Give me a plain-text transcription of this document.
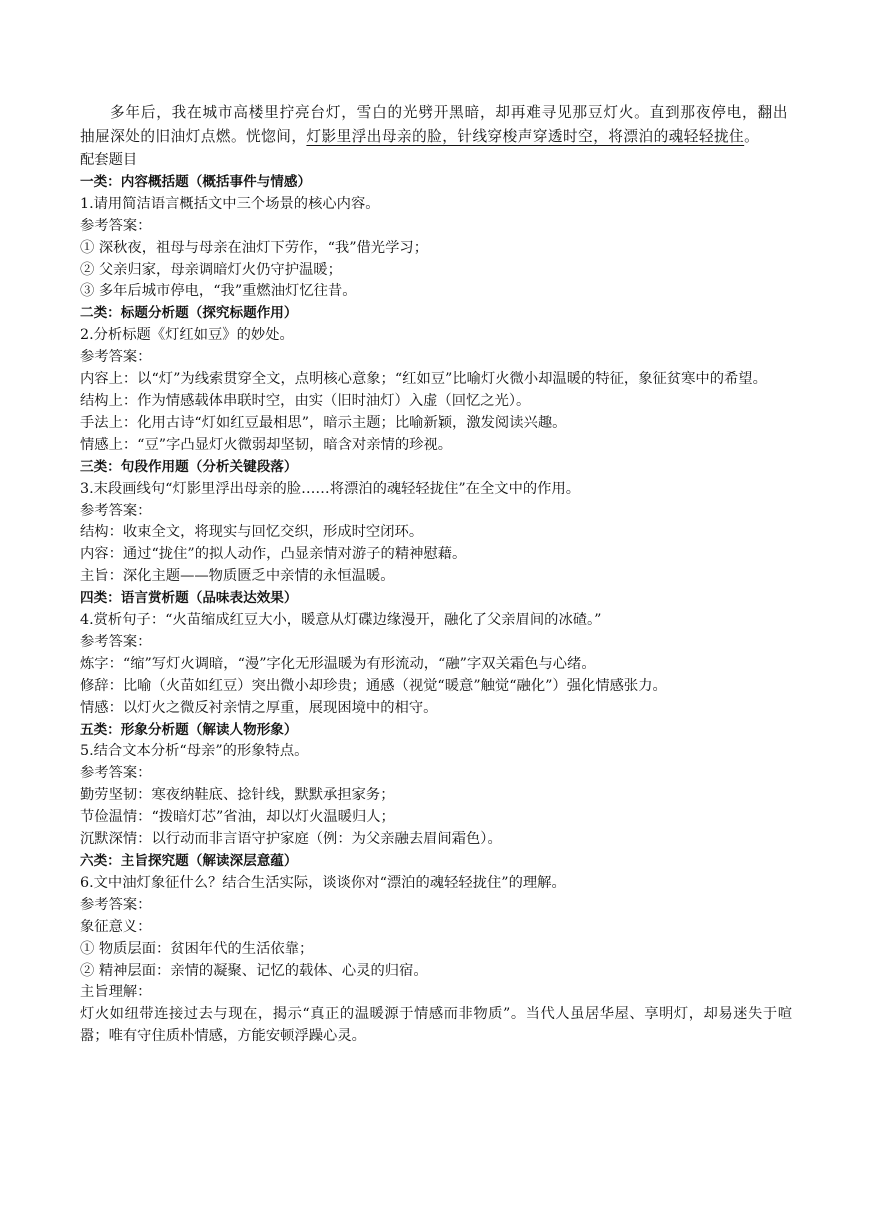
多年后，我在城市高楼里拧亮台灯，雪白的光劈开黑暗，却再难寻见那豆灯火。直到那夜停电，翻出抽屉深处的旧油灯点燃。恍惚间，灯影里浮出母亲的脸，针线穿梭声穿透时空，将漂泊的魂轻轻拢住。

配套题目

一类：内容概括题（概括事件与情感）

1.请用简洁语言概括文中三个场景的核心内容。

参考答案：

① 深秋夜，祖母与母亲在油灯下劳作，“我”借光学习；

② 父亲归家，母亲调暗灯火仍守护温暖；

③ 多年后城市停电，“我”重燃油灯忆往昔。

二类：标题分析题（探究标题作用）

2.分析标题《灯红如豆》的妙处。

参考答案：

内容上：以“灯”为线索贯穿全文，点明核心意象；“红如豆”比喻灯火微小却温暖的特征，象征贫寒中的希望。

结构上：作为情感载体串联时空，由实（旧时油灯）入虚（回忆之光）。

手法上：化用古诗“灯如红豆最相思”，暗示主题；比喻新颖，激发阅读兴趣。

情感上：“豆”字凸显灯火微弱却坚韧，暗含对亲情的珍视。

三类：句段作用题（分析关键段落）

3.末段画线句“灯影里浮出母亲的脸……将漂泊的魂轻轻拢住”在全文中的作用。

参考答案：

结构：收束全文，将现实与回忆交织，形成时空闭环。

内容：通过“拢住”的拟人动作，凸显亲情对游子的精神慰藉。

主旨：深化主题——物质匮乏中亲情的永恒温暖。

四类：语言赏析题（品味表达效果）

4.赏析句子：“火苗缩成红豆大小，暖意从灯碟边缘漫开，融化了父亲眉间的冰碴。”

参考答案：

炼字：“缩”写灯火调暗，“漫”字化无形温暖为有形流动，“融”字双关霜色与心绪。

修辞：比喻（火苗如红豆）突出微小却珍贵；通感（视觉“暖意”触觉“融化”）强化情感张力。

情感：以灯火之微反衬亲情之厚重，展现困境中的相守。

五类：形象分析题（解读人物形象）

5.结合文本分析“母亲”的形象特点。

参考答案：

勤劳坚韧：寒夜纳鞋底、捻针线，默默承担家务；

节俭温情：“拨暗灯芯”省油，却以灯火温暖归人；

沉默深情：以行动而非言语守护家庭（例：为父亲融去眉间霜色）。

六类：主旨探究题（解读深层意蕴）

6.文中油灯象征什么？结合生活实际，谈谈你对“漂泊的魂轻轻拢住”的理解。

参考答案：

象征意义：

① 物质层面：贫困年代的生活依靠；

② 精神层面：亲情的凝聚、记忆的载体、心灵的归宿。

主旨理解：

灯火如纽带连接过去与现在，揭示“真正的温暖源于情感而非物质”。当代人虽居华屋、享明灯，却易迷失于喧嚣；唯有守住质朴情感，方能安顿浮躁心灵。
